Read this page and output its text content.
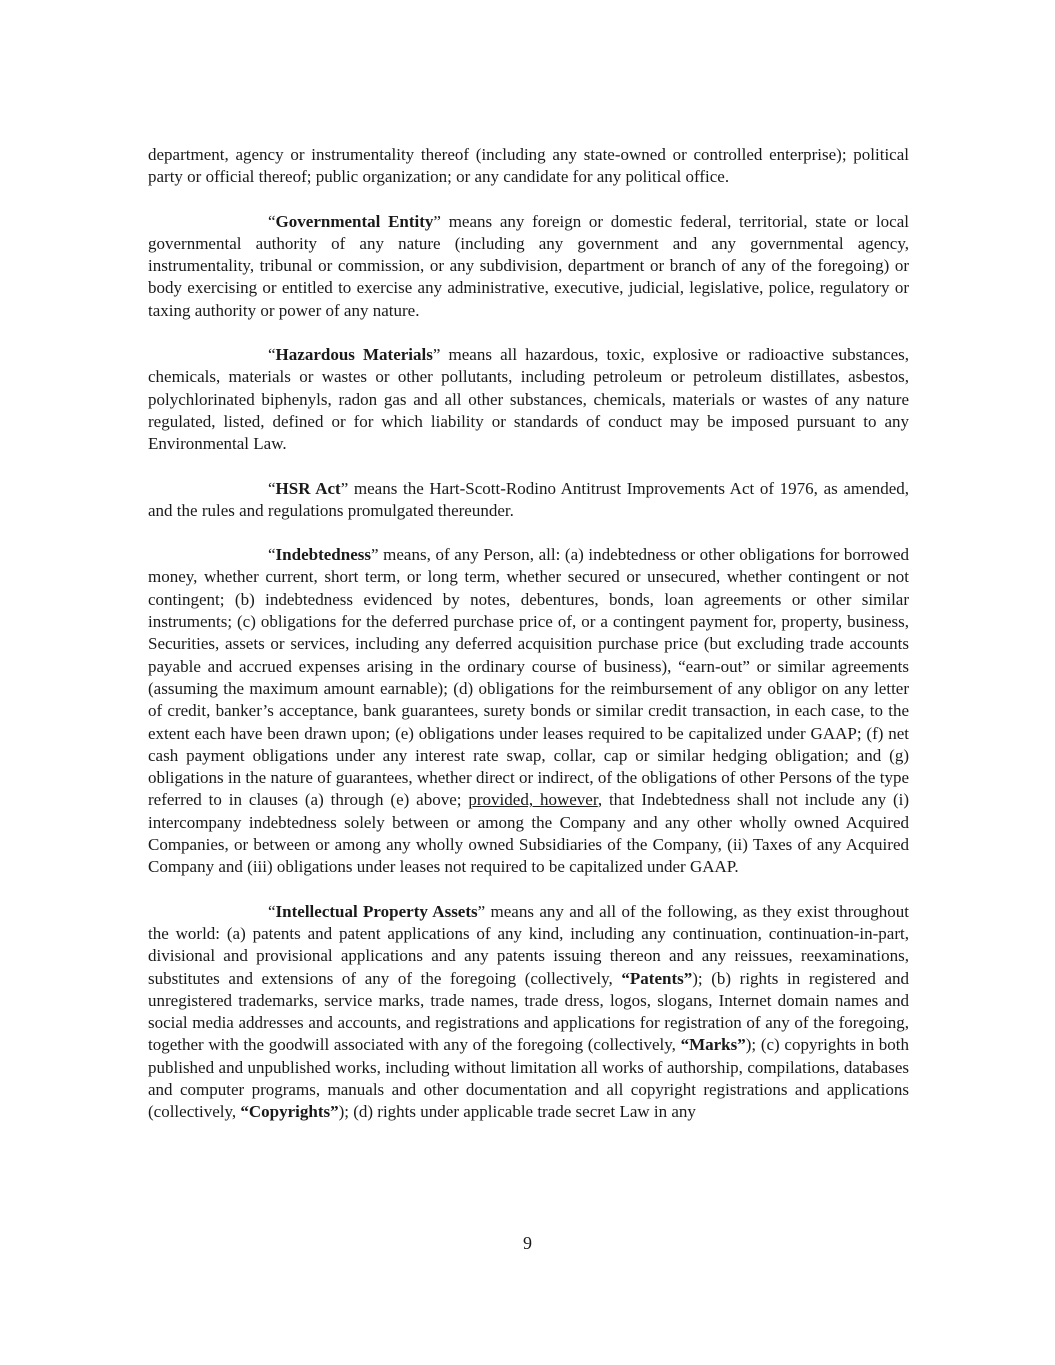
department, agency or instrumentality thereof (including any state-owned or controlled enterprise); political party or official thereof; public organization; or any candidate for any political office.

“Governmental Entity” means any foreign or domestic federal, territorial, state or local governmental authority of any nature (including any government and any governmental agency, instrumentality, tribunal or commission, or any subdivision, department or branch of any of the foregoing) or body exercising or entitled to exercise any administrative, executive, judicial, legislative, police, regulatory or taxing authority or power of any nature.

“Hazardous Materials” means all hazardous, toxic, explosive or radioactive substances, chemicals, materials or wastes or other pollutants, including petroleum or petroleum distillates, asbestos, polychlorinated biphenyls, radon gas and all other substances, chemicals, materials or wastes of any nature regulated, listed, defined or for which liability or standards of conduct may be imposed pursuant to any Environmental Law.

“HSR Act” means the Hart-Scott-Rodino Antitrust Improvements Act of 1976, as amended, and the rules and regulations promulgated thereunder.

“Indebtedness” means, of any Person, all: (a) indebtedness or other obligations for borrowed money, whether current, short term, or long term, whether secured or unsecured, whether contingent or not contingent; (b) indebtedness evidenced by notes, debentures, bonds, loan agreements or other similar instruments; (c) obligations for the deferred purchase price of, or a contingent payment for, property, business, Securities, assets or services, including any deferred acquisition purchase price (but excluding trade accounts payable and accrued expenses arising in the ordinary course of business), “earn-out” or similar agreements (assuming the maximum amount earnable); (d) obligations for the reimbursement of any obligor on any letter of credit, banker’s acceptance, bank guarantees, surety bonds or similar credit transaction, in each case, to the extent each have been drawn upon; (e) obligations under leases required to be capitalized under GAAP; (f) net cash payment obligations under any interest rate swap, collar, cap or similar hedging obligation; and (g) obligations in the nature of guarantees, whether direct or indirect, of the obligations of other Persons of the type referred to in clauses (a) through (e) above; provided, however, that Indebtedness shall not include any (i) intercompany indebtedness solely between or among the Company and any other wholly owned Acquired Companies, or between or among any wholly owned Subsidiaries of the Company, (ii) Taxes of any Acquired Company and (iii) obligations under leases not required to be capitalized under GAAP.

“Intellectual Property Assets” means any and all of the following, as they exist throughout the world: (a) patents and patent applications of any kind, including any continuation, continuation-in-part, divisional and provisional applications and any patents issuing thereon and any reissues, reexaminations, substitutes and extensions of any of the foregoing (collectively, “Patents”); (b) rights in registered and unregistered trademarks, service marks, trade names, trade dress, logos, slogans, Internet domain names and social media addresses and accounts, and registrations and applications for registration of any of the foregoing, together with the goodwill associated with any of the foregoing (collectively, “Marks”); (c) copyrights in both published and unpublished works, including without limitation all works of authorship, compilations, databases and computer programs, manuals and other documentation and all copyright registrations and applications (collectively, “Copyrights”); (d) rights under applicable trade secret Law in any

9
